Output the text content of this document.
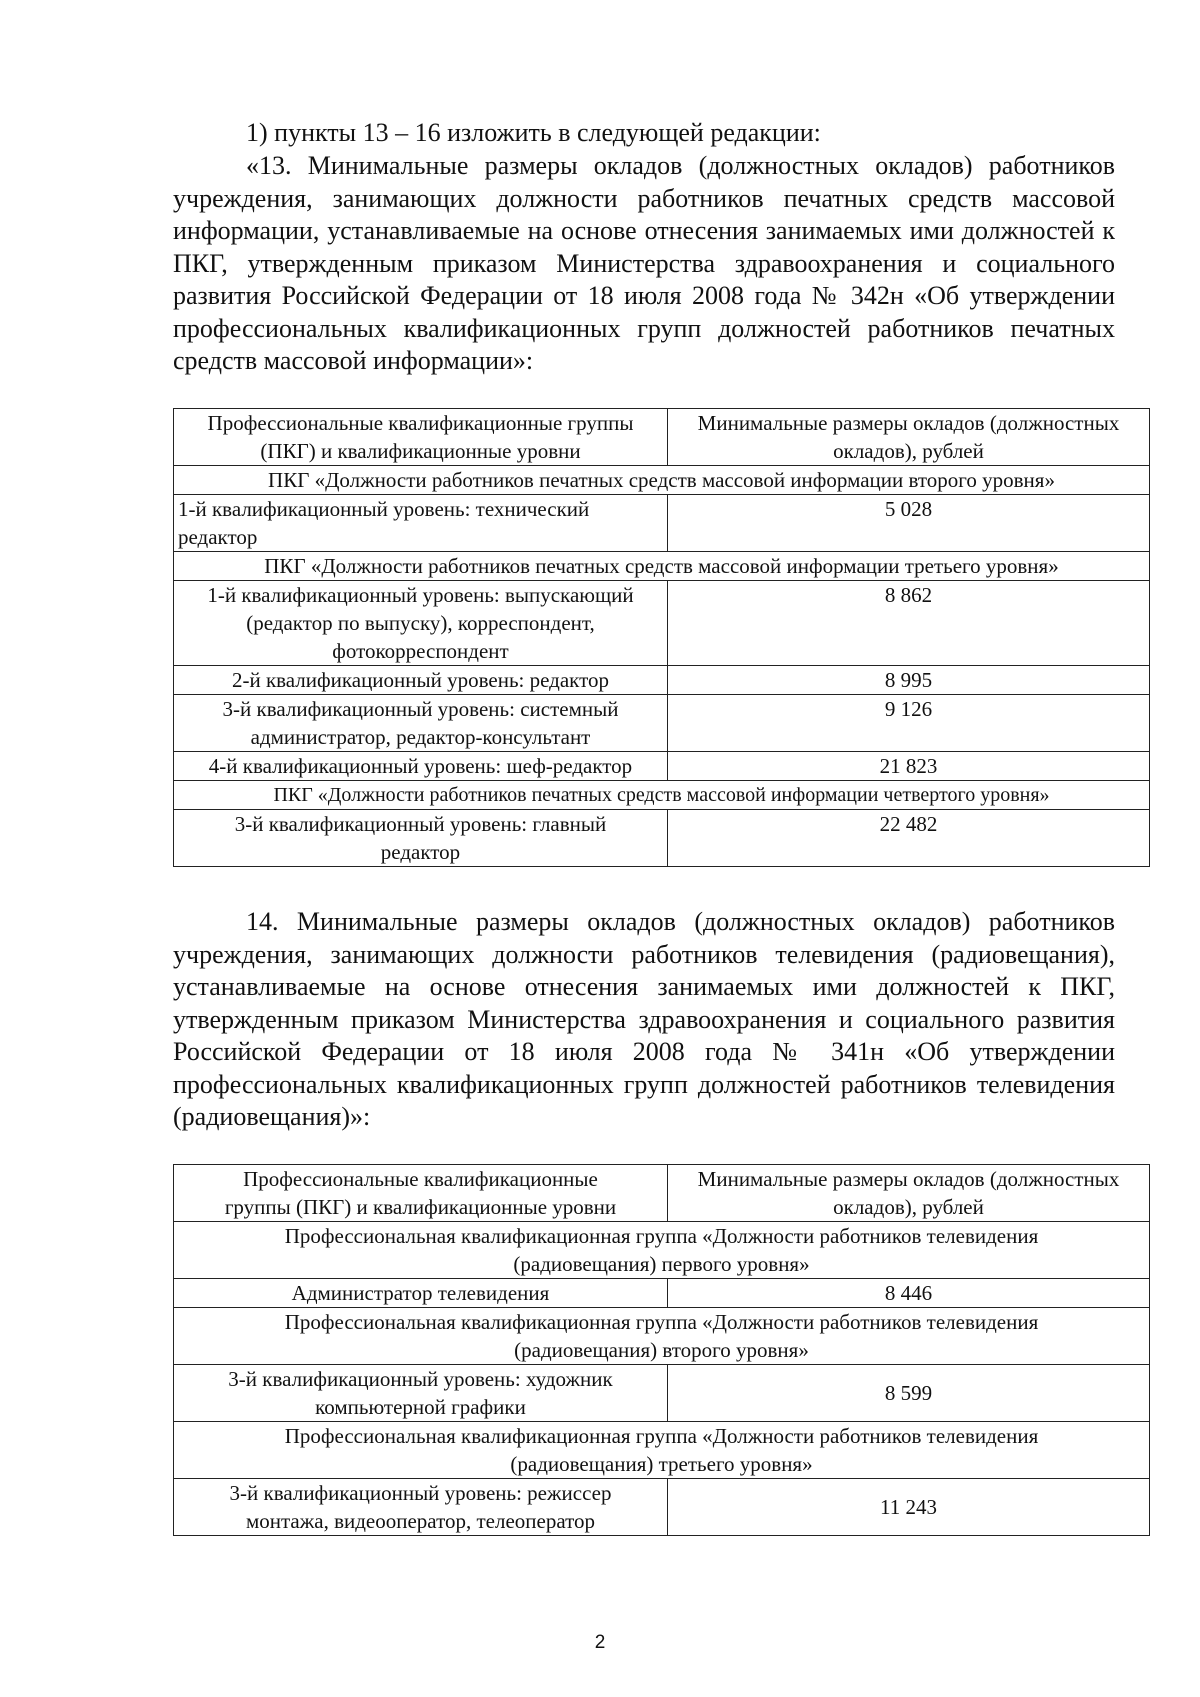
1) пункты 13 – 16 изложить в следующей редакции:

«13. Минимальные размеры окладов (должностных окладов) работников учреждения, занимающих должности работников печатных средств массовой информации, устанавливаемые на основе отнесения занимаемых ими должностей к ПКГ, утвержденным приказом Министерства здравоохранения и социального развития Российской Федерации от 18 июля 2008 года № 342н «Об утверждении профессиональных квалификационных групп должностей работников печатных средств массовой информации»:

Профессиональные квалификационные группы (ПКГ) и квалификационные уровни	Минимальные размеры окладов (должностных окладов), рублей
ПКГ «Должности работников печатных средств массовой информации второго уровня»	
1-й квалификационный уровень: технический редактор	5 028
ПКГ «Должности работников печатных средств массовой информации третьего уровня»	
1-й квалификационный уровень: выпускающий (редактор по выпуску), корреспондент, фотокорреспондент	8 862
2-й квалификационный уровень: редактор	8 995
3-й квалификационный уровень: системный администратор, редактор-консультант	9 126
4-й квалификационный уровень: шеф-редактор	21 823
ПКГ «Должности работников печатных средств массовой информации четвертого уровня»	
3-й квалификационный уровень: главный редактор	22 482

14. Минимальные размеры окладов (должностных окладов) работников учреждения, занимающих должности работников телевидения (радиовещания), устанавливаемые на основе отнесения занимаемых ими должностей к ПКГ, утвержденным приказом Министерства здравоохранения и социального развития Российской Федерации от 18 июля 2008 года № 341н «Об утверждении профессиональных квалификационных групп должностей работников телевидения (радиовещания)»:

Профессиональные квалификационные группы (ПКГ) и квалификационные уровни	Минимальные размеры окладов (должностных окладов), рублей
Профессиональная квалификационная группа «Должности работников телевидения (радиовещания) первого уровня»	
Администратор телевидения	8 446
Профессиональная квалификационная группа «Должности работников телевидения (радиовещания) второго уровня»	
3-й квалификационный уровень: художник компьютерной графики	8 599
Профессиональная квалификационная группа «Должности работников телевидения (радиовещания) третьего уровня»	
3-й квалификационный уровень: режиссер монтажа, видеооператор, телеоператор	11 243
2
